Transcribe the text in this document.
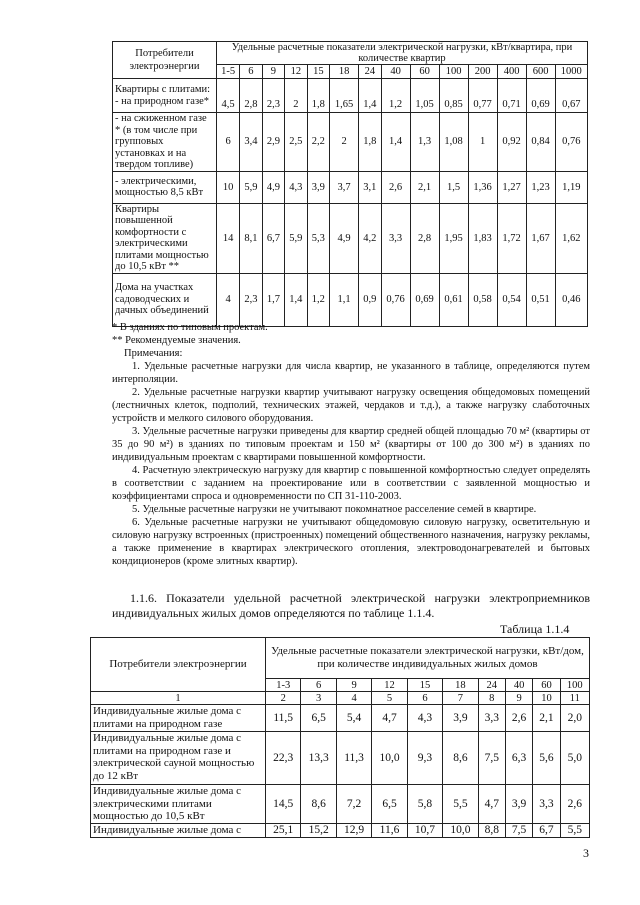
Потребители электроэнергии	Удельные расчетные показатели электрической нагрузки, кВт/квартира, при количестве квартир													
	1-5	6	9	12	15	18	24	40	60	100	200	400	600	1000
Квартиры с плитами: - на природном газе*	4,5	2,8	2,3	2	1,8	1,65	1,4	1,2	1,05	0,85	0,77	0,71	0,69	0,67
- на сжиженном газе * (в том числе при групповых установках и на твердом топливе)	6	3,4	2,9	2,5	2,2	2	1,8	1,4	1,3	1,08	1	0,92	0,84	0,76
- электрическими, мощностью 8,5 кВт	10	5,9	4,9	4,3	3,9	3,7	3,1	2,6	2,1	1,5	1,36	1,27	1,23	1,19
Квартиры повышенной комфортности с электрическими плитами мощностью до 10,5 кВт **	14	8,1	6,7	5,9	5,3	4,9	4,2	3,3	2,8	1,95	1,83	1,72	1,67	1,62
Дома на участках садоводческих и дачных объединений	4	2,3	1,7	1,4	1,2	1,1	0,9	0,76	0,69	0,61	0,58	0,54	0,51	0,46

* В зданиях по типовым проектам.

** Рекомендуемые значения.

Примечания:

1. Удельные расчетные нагрузки для числа квартир, не указанного в таблице, определяются путем интерполяции.

2. Удельные расчетные нагрузки квартир учитывают нагрузку освещения общедомовых помещений (лестничных клеток, подполий, технических этажей, чердаков и т.д.), а также нагрузку слаботочных устройств и мелкого силового оборудования.

3. Удельные расчетные нагрузки приведены для квартир средней общей площадью 70 м² (квартиры от 35 до 90 м²) в зданиях по типовым проектам и 150 м² (квартиры от 100 до 300 м²) в зданиях по индивидуальным проектам с квартирами повышенной комфортности.

4. Расчетную электрическую нагрузку для квартир с повышенной комфортностью следует определять в соответствии с заданием на проектирование или в соответствии с заявленной мощностью и коэффициентами спроса и одновременности по СП 31-110-2003.

5. Удельные расчетные нагрузки не учитывают покомнатное расселение семей в квартире.

6. Удельные расчетные нагрузки не учитывают общедомовую силовую нагрузку, осветительную и силовую нагрузку встроенных (пристроенных) помещений общественного назначения, нагрузку рекламы, а также применение в квартирах электрического отопления, электроводонагревателей и бытовых кондиционеров (кроме элитных квартир).

1.1.6. Показатели удельной расчетной электрической нагрузки электроприемников индивидуальных жилых домов определяются по таблице 1.1.4.

Таблица 1.1.4
Потребители электроэнергии	Удельные расчетные показатели электрической нагрузки, кВт/дом, при количестве индивидуальных жилых домов									
	1-3	6	9	12	15	18	24	40	60	100
1	2	3	4	5	6	7	8	9	10	11
Индивидуальные жилые дома с плитами на природном газе	11,5	6,5	5,4	4,7	4,3	3,9	3,3	2,6	2,1	2,0
Индивидуальные жилые дома с плитами на природном газе и электрической сауной мощностью до 12 кВт	22,3	13,3	11,3	10,0	9,3	8,6	7,5	6,3	5,6	5,0
Индивидуальные жилые дома с электрическими плитами мощностью до 10,5 кВт	14,5	8,6	7,2	6,5	5,8	5,5	4,7	3,9	3,3	2,6
Индивидуальные жилые дома с	25,1	15,2	12,9	11,6	10,7	10,0	8,8	7,5	6,7	5,5
3
